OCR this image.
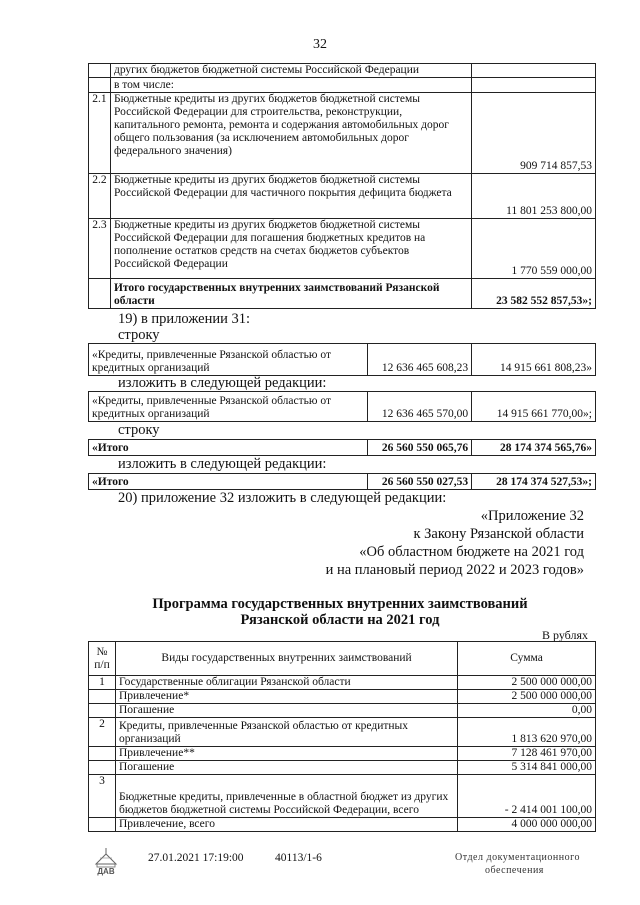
32
	других бюджетов бюджетной системы Российской Федерации	
	в том числе:	
2.1	Бюджетные кредиты из других бюджетов бюджетной системы Российской Федерации для строительства, реконструкции, капитального ремонта, ремонта и содержания автомобильных дорог общего пользования (за исключением автомобильных дорог федерального значения)	909 714 857,53
2.2	Бюджетные кредиты из других бюджетов бюджетной системы Российской Федерации для частичного покрытия дефицита бюджета	11 801 253 800,00
2.3	Бюджетные кредиты из других бюджетов бюджетной системы Российской Федерации для погашения бюджетных кредитов на пополнение остатков средств на счетах бюджетов субъектов Российской Федерации	1 770 559 000,00
	Итого государственных внутренних заимствований Рязанской области	23 582 552 857,53»;
19) в приложении 31:
строку
«Кредиты, привлеченные Рязанской областью от кредитных организаций	12 636 465 608,23	14 915 661 808,23»
изложить в следующей редакции:
«Кредиты, привлеченные Рязанской областью от кредитных организаций	12 636 465 570,00	14 915 661 770,00»;
строку
«Итого	26 560 550 065,76	28 174 374 565,76»
изложить в следующей редакции:
«Итого	26 560 550 027,53	28 174 374 527,53»;
20) приложение 32 изложить в следующей редакции:
«Приложение 32
к Закону Рязанской области
«Об областном бюджете на 2021 год
и на плановый период 2022 и 2023 годов»
Программа государственных внутренних заимствований
Рязанской области на 2021 год
В рублях
№ п/п	Виды государственных внутренних заимствований	Сумма
1	Государственные облигации Рязанской области	2 500 000 000,00
	Привлечение*	2 500 000 000,00
	Погашение	0,00
2	Кредиты, привлеченные Рязанской областью от кредитных организаций	1 813 620 970,00
	Привлечение**	7 128 461 970,00
	Погашение	5 314 841 000,00
3	Бюджетные кредиты, привлеченные в областной бюджет из других бюджетов бюджетной системы Российской Федерации, всего	- 2 414 001 100,00
	Привлечение, всего	4 000 000 000,00
ДАВ
27.01.2021 17:19:00	40113/1-6	Отдел документационного
обеспечения
